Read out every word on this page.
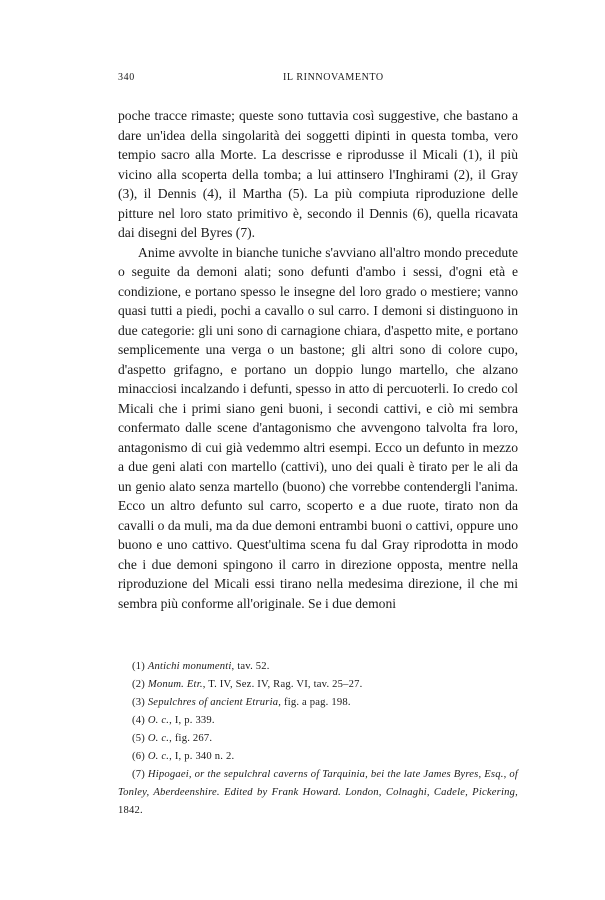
340	IL RINNOVAMENTO

poche tracce rimaste; queste sono tuttavia così suggestive, che bastano a dare un'idea della singolarità dei soggetti dipinti in questa tomba, vero tempio sacro alla Morte. La descrisse e riprodusse il Micali (1), il più vicino alla scoperta della tomba; a lui attinsero l'Inghirami (2), il Gray (3), il Dennis (4), il Martha (5). La più compiuta riproduzione delle pitture nel loro stato primitivo è, secondo il Dennis (6), quella ricavata dai disegni del Byres (7).

Anime avvolte in bianche tuniche s'avviano all'altro mondo precedute o seguite da demoni alati; sono defunti d'ambo i sessi, d'ogni età e condizione, e portano spesso le insegne del loro grado o mestiere; vanno quasi tutti a piedi, pochi a cavallo o sul carro. I demoni si distinguono in due categorie: gli uni sono di carnagione chiara, d'aspetto mite, e portano semplicemente una verga o un bastone; gli altri sono di colore cupo, d'aspetto grifagno, e portano un doppio lungo martello, che alzano minacciosi incalzando i defunti, spesso in atto di percuoterli. Io credo col Micali che i primi siano geni buoni, i secondi cattivi, e ciò mi sembra confermato dalle scene d'antagonismo che avvengono talvolta fra loro, antagonismo di cui già vedemmo altri esempi. Ecco un defunto in mezzo a due geni alati con martello (cattivi), uno dei quali è tirato per le ali da un genio alato senza martello (buono) che vorrebbe contendergli l'anima. Ecco un altro defunto sul carro, scoperto e a due ruote, tirato non da cavalli o da muli, ma da due demoni entrambi buoni o cattivi, oppure uno buono e uno cattivo. Quest'ultima scena fu dal Gray riprodotta in modo che i due demoni spingono il carro in direzione opposta, mentre nella riproduzione del Micali essi tirano nella medesima direzione, il che mi sembra più conforme all'originale. Se i due demoni

(1) Antichi monumenti, tav. 52.

(2) Monum. Etr., T. IV, Sez. IV, Rag. VI, tav. 25–27.

(3) Sepulchres of ancient Etruria, fig. a pag. 198.

(4) O. c., I, p. 339.

(5) O. c., fig. 267.

(6) O. c., I, p. 340 n. 2.

(7) Hipogaei, or the sepulchral caverns of Tarquinia, bei the late James Byres, Esq., of Tonley, Aberdeenshire. Edited by Frank Howard. London, Colnaghi, Cadele, Pickering, 1842.
